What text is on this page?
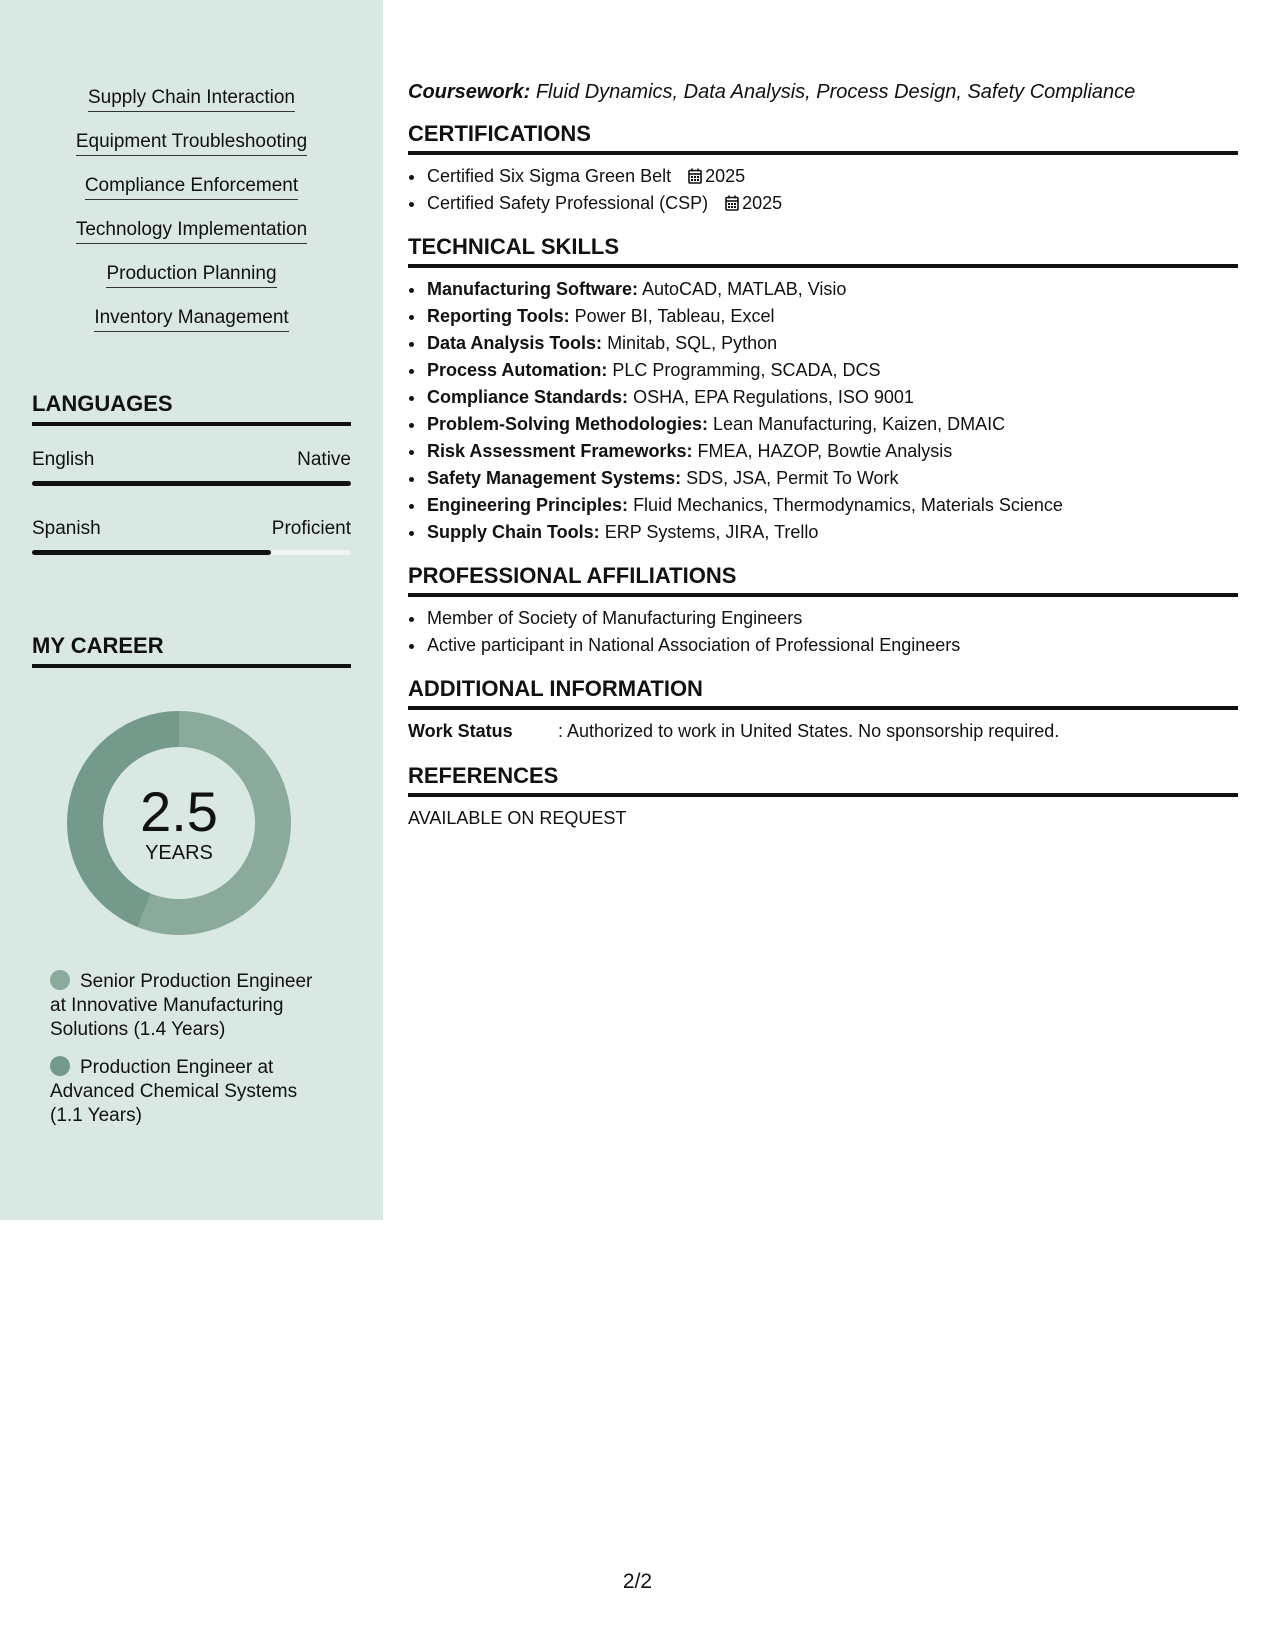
Supply Chain Interaction
Equipment Troubleshooting
Compliance Enforcement
Technology Implementation
Production Planning
Inventory Management
LANGUAGES
English	Native
Spanish	Proficient
MY CAREER
2.5
YEARS
Senior Production Engineer at Innovative Manufacturing Solutions (1.4 Years)
Production Engineer at Advanced Chemical Systems (1.1 Years)
Coursework: Fluid Dynamics, Data Analysis, Process Design, Safety Compliance
CERTIFICATIONS
• Certified Six Sigma Green Belt 2025
• Certified Safety Professional (CSP) 2025
TECHNICAL SKILLS
• Manufacturing Software: AutoCAD, MATLAB, Visio
• Reporting Tools: Power BI, Tableau, Excel
• Data Analysis Tools: Minitab, SQL, Python
• Process Automation: PLC Programming, SCADA, DCS
• Compliance Standards: OSHA, EPA Regulations, ISO 9001
• Problem-Solving Methodologies: Lean Manufacturing, Kaizen, DMAIC
• Risk Assessment Frameworks: FMEA, HAZOP, Bowtie Analysis
• Safety Management Systems: SDS, JSA, Permit To Work
• Engineering Principles: Fluid Mechanics, Thermodynamics, Materials Science
• Supply Chain Tools: ERP Systems, JIRA, Trello
PROFESSIONAL AFFILIATIONS
• Member of Society of Manufacturing Engineers
• Active participant in National Association of Professional Engineers
ADDITIONAL INFORMATION
Work Status	: Authorized to work in United States. No sponsorship required.
REFERENCES
AVAILABLE ON REQUEST
2/2
